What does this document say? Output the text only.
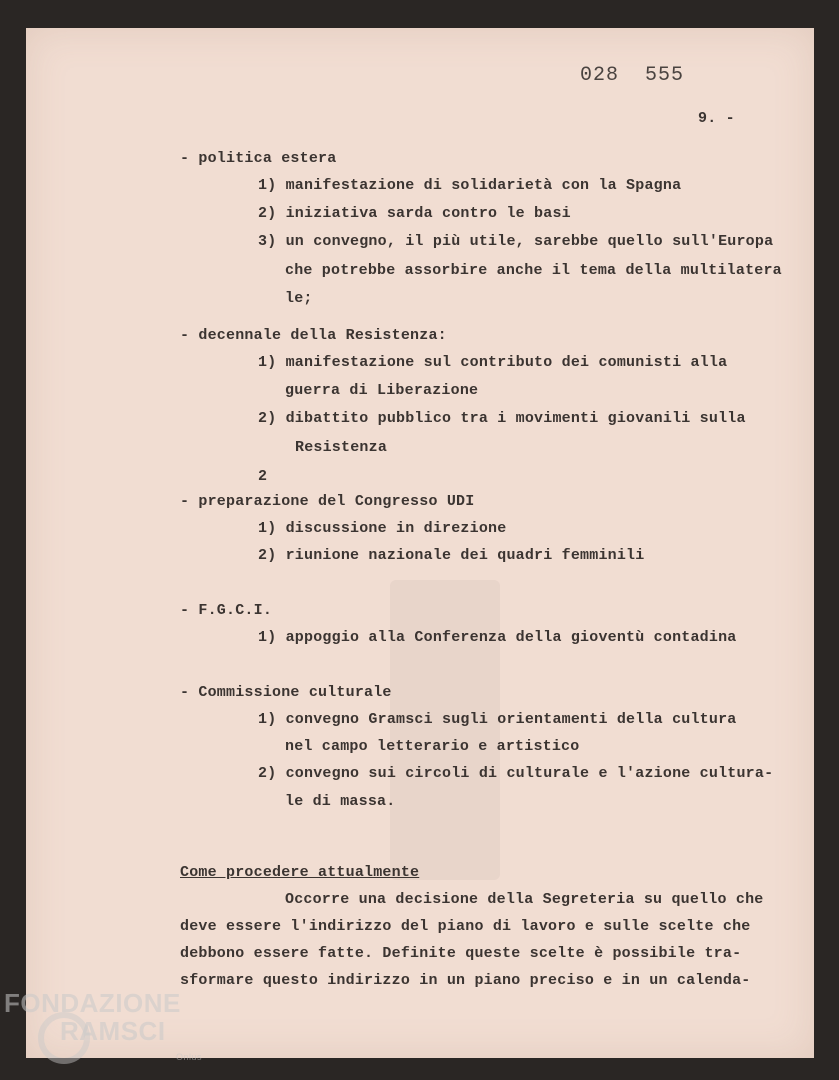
028 555
9. -
- politica estera
1) manifestazione di solidarietà con la Spagna
2) iniziativa sarda contro le basi
3) un convegno, il più utile, sarebbe quello sull'Europa
che potrebbe assorbire anche il tema della multilatera
le;
- decennale della Resistenza:
1) manifestazione sul contributo dei comunisti alla
guerra di Liberazione
2) dibattito pubblico tra i movimenti giovanili sulla
Resistenza
2
- preparazione del Congresso UDI
1) discussione in direzione
2) riunione nazionale dei quadri femminili
- F.G.C.I.
1) appoggio alla Conferenza della gioventù contadina
- Commissione culturale
1) convegno Gramsci sugli orientamenti della cultura
nel campo letterario e artistico
2) convegno sui circoli di culturale e l'azione cultura-
le di massa.
Come procedere attualmente
Occorre una decisione della Segreteria su quello che
deve essere l'indirizzo del piano di lavoro e sulle scelte che
debbono essere fatte. Definite queste scelte è possibile tra-
sformare questo indirizzo in un piano preciso e in un calenda-
FONDAZIONE
RAMSCI
Onlus
